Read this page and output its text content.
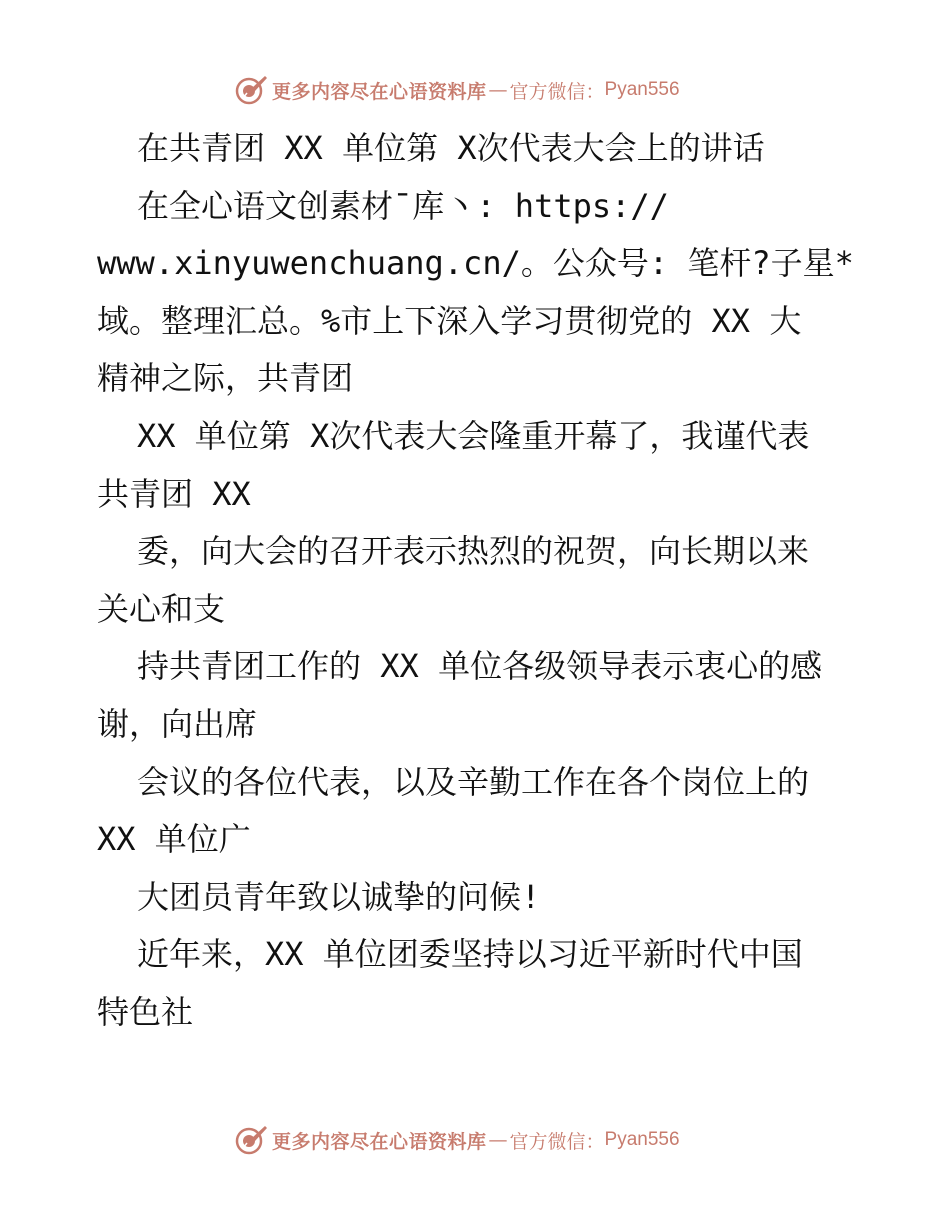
更多内容尽在心语资料库 — 官方微信： Pyan556
在共青团 XX 单位第 X次代表大会上的讲话
在全心语文创素材¯库丶: https://
www.xinyuwenchuang.cn/。公众号: 笔杆?子星*
域。整理汇总。%市上下深入学习贯彻党的 XX 大
精神之际，共青团
XX 单位第 X次代表大会隆重开幕了，我谨代表
共青团 XX
委，向大会的召开表示热烈的祝贺，向长期以来
关心和支
持共青团工作的 XX 单位各级领导表示衷心的感
谢，向出席
会议的各位代表，以及辛勤工作在各个岗位上的
XX 单位广
大团员青年致以诚挚的问候!
近年来，XX 单位团委坚持以习近平新时代中国
特色社
更多内容尽在心语资料库 — 官方微信： Pyan556
